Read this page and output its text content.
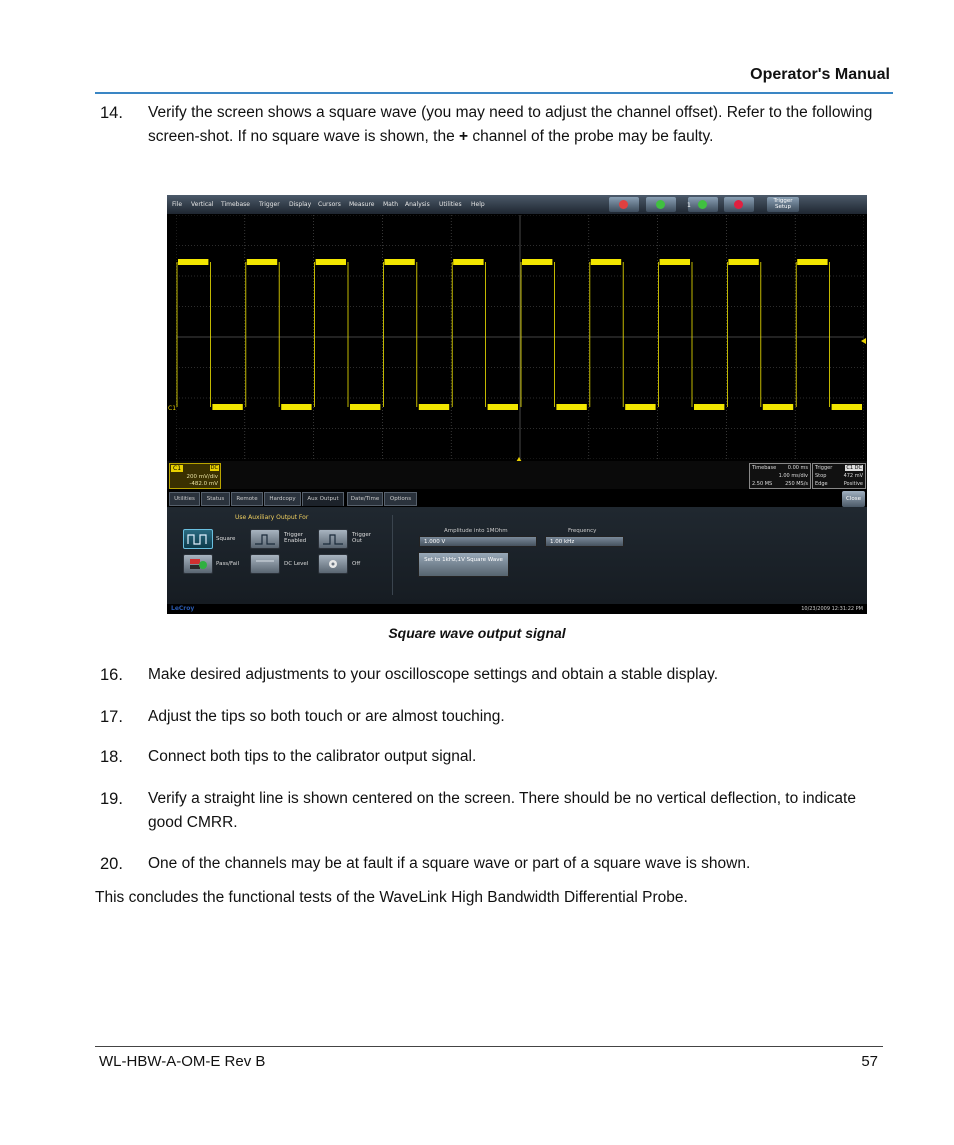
Operator's Manual
14.	Verify the screen shows a square wave (you may need to adjust the channel offset). Refer to the following screen-shot. If no square wave is shown, the + channel of the probe may be faulty.
File Vertical Timebase Trigger Display Cursors Measure Math Analysis Utilities Help	1
Trigger Setup
C1
C1	DC
200 mV/div
-482.0 mV
Timebase 0.00 ms
1.00 ms/div
2.50 MS	250 MS/s
Trigger	C1 DC
Stop	472 mV
Edge	Positive
Utilities	Status	Remote	Hardcopy	Aux Output	Date/Time	Options	Close
Use Auxiliary Output For
Square
Trigger Enabled
Trigger Out
Pass/Fail	DC Level	Off
Amplitude into 1MOhm
1.000 V
Frequency
1.00 kHz
Set to 1kHz,1V Square Wave
LeCroy	10/23/2009 12:31:22 PM
Square wave output signal
16.	Make desired adjustments to your oscilloscope settings and obtain a stable display.
17.	Adjust the tips so both touch or are almost touching.
18.	Connect both tips to the calibrator output signal.
19.	Verify a straight line is shown centered on the screen. There should be no vertical deflection, to indicate good CMRR.
20.	One of the channels may be at fault if a square wave or part of a square wave is shown.
This concludes the functional tests of the WaveLink High Bandwidth Differential Probe.
WL-HBW-A-OM-E Rev B	57
